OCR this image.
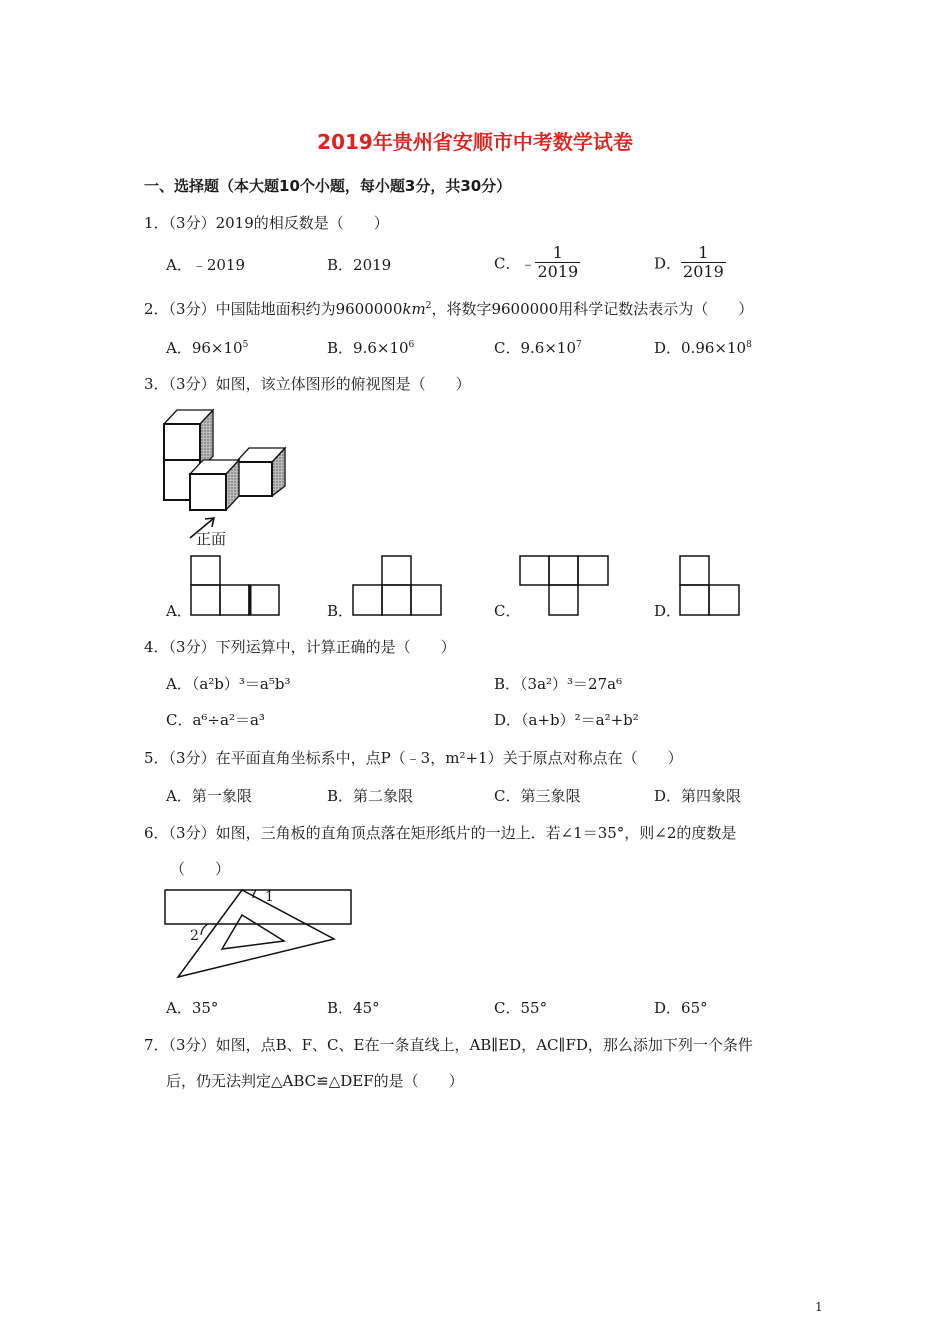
2019年贵州省安顺市中考数学试卷
一、选择题（本大题10个小题，每小题3分，共30分）
1．（3分）2019的相反数是（　　）
A．﹣2019	B．2019	C．﹣ $\frac{1}{2019}$	D． $\frac{1}{2019}$
2．（3分）中国陆地面积约为$9600000km^2$，将数字9600000用科学记数法表示为（　　）
A．$96\times 10^5$	B．$9.6\times 10^6$	C．$9.6\times 10^7$	D．$0.96\times 10^8$
3．（3分）如图，该立体图形的俯视图是（　　）
正面
A．	B．	C．	D．
4．（3分）下列运算中，计算正确的是（　　）
A．（a²b）³＝a⁵b³	B．（3a²）³＝27a⁶
C．a⁶÷a²＝a³	D．（a+b）²＝a²+b²
5．（3分）在平面直角坐标系中，点P（﹣3，m²+1）关于原点对称点在（　　）
A．第一象限	B．第二象限	C．第三象限	D．第四象限
6．（3分）如图，三角板的直角顶点落在矩形纸片的一边上．若∠1＝35°，则∠2的度数是
（　　）
1
2
A．35°	B．45°	C．55°	D．65°
7．（3分）如图，点B、F、C、E在一条直线上，AB∥ED，AC∥FD，那么添加下列一个条件
后，仍无法判定△ABC≌△DEF的是（　　）
1
